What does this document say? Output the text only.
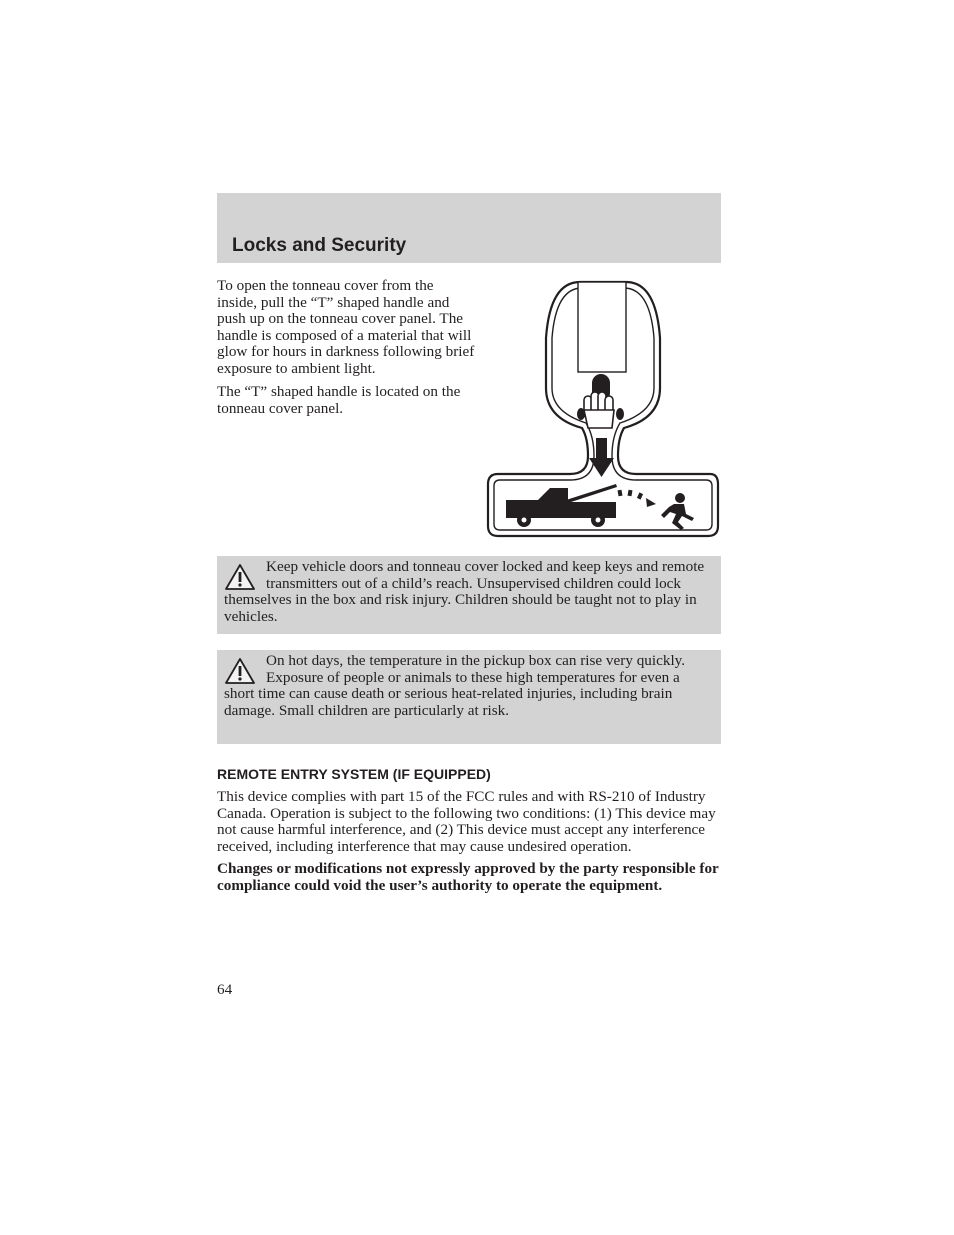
Locks and Security

To open the tonneau cover from the inside, pull the “T” shaped handle and push up on the tonneau cover panel. The handle is composed of a material that will glow for hours in darkness following brief exposure to ambient light.

The “T” shaped handle is located on the tonneau cover panel.

Keep vehicle doors and tonneau cover locked and keep keys and remote transmitters out of a child’s reach. Unsupervised children could lock themselves in the box and risk injury. Children should be taught not to play in vehicles.
On hot days, the temperature in the pickup box can rise very quickly. Exposure of people or animals to these high temperatures for even a short time can cause death or serious heat-related injuries, including brain damage. Small children are particularly at risk.
REMOTE ENTRY SYSTEM (IF EQUIPPED)

This device complies with part 15 of the FCC rules and with RS-210 of Industry Canada. Operation is subject to the following two conditions: (1) This device may not cause harmful interference, and (2) This device must accept any interference received, including interference that may cause undesired operation.

Changes or modifications not expressly approved by the party responsible for compliance could void the user’s authority to operate the equipment.

64
